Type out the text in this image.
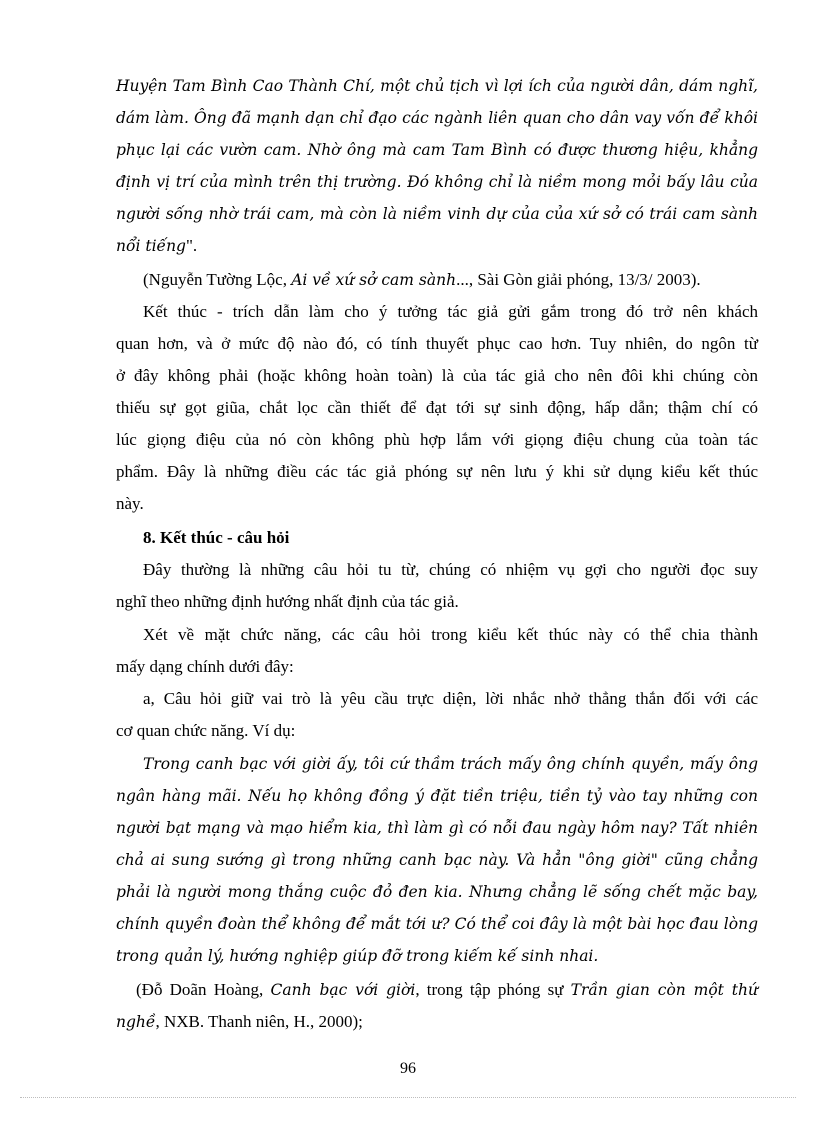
Huyện Tam Bình Cao Thành Chí, một chủ tịch vì lợi ích của người dân, dám nghĩ,
dám làm. Ông đã mạnh dạn chỉ đạo các ngành liên quan cho dân vay vốn để khôi
phục lại các vườn cam. Nhờ ông mà cam Tam Bình có được thương hiệu, khẳng
định vị trí của mình trên thị trường. Đó không chỉ là niềm mong mỏi bấy lâu của
người sống nhờ trái cam, mà còn là niềm vinh dự của của xứ sở có trái cam sành
nổi tiếng".
(Nguyễn Tường Lộc, Ai về xứ sở cam sành..., Sài Gòn giải phóng, 13/3/ 2003).
Kết thúc - trích dẫn làm cho ý tưởng tác giả gửi gắm trong đó trở nên khách
quan hơn, và ở mức độ nào đó, có tính thuyết phục cao hơn. Tuy nhiên, do ngôn từ
ở đây không phải (hoặc không hoàn toàn) là của tác giả cho nên đôi khi chúng còn
thiếu sự gọt giũa, chắt lọc cần thiết để đạt tới sự sinh động, hấp dẫn; thậm chí có
lúc giọng điệu của nó còn không phù hợp lắm với giọng điệu chung của toàn tác
phẩm. Đây là những điều các tác giả phóng sự nên lưu ý khi sử dụng kiểu kết thúc
này.
8. Kết thúc - câu hỏi
Đây thường là những câu hỏi tu từ, chúng có nhiệm vụ gợi cho người đọc suy
nghĩ theo những định hướng nhất định của tác giả.
Xét về mặt chức năng, các câu hỏi trong kiểu kết thúc này có thể chia thành
mấy dạng chính dưới đây:
a, Câu hỏi giữ vai trò là yêu cầu trực diện, lời nhắc nhở thẳng thắn đối với các
cơ quan chức năng. Ví dụ:
Trong canh bạc với giời ấy, tôi cứ thầm trách mấy ông chính quyền, mấy ông
ngân hàng mãi. Nếu họ không đồng ý đặt tiền triệu, tiền tỷ vào tay những con
người bạt mạng và mạo hiểm kia, thì làm gì có nỗi đau ngày hôm nay? Tất nhiên
chả ai sung sướng gì trong những canh bạc này. Và hẳn "ông giời" cũng chẳng
phải là người mong thắng cuộc đỏ đen kia. Nhưng chẳng lẽ sống chết mặc bay,
chính quyền đoàn thể không để mắt tới ư? Có thể coi đây là một bài học đau lòng
trong quản lý, hướng nghiệp giúp đỡ trong kiếm kế sinh nhai.
(Đỗ Doãn Hoàng, Canh bạc với giời, trong tập phóng sự Trần gian còn một thứ
nghề, NXB. Thanh niên, H., 2000);
96
